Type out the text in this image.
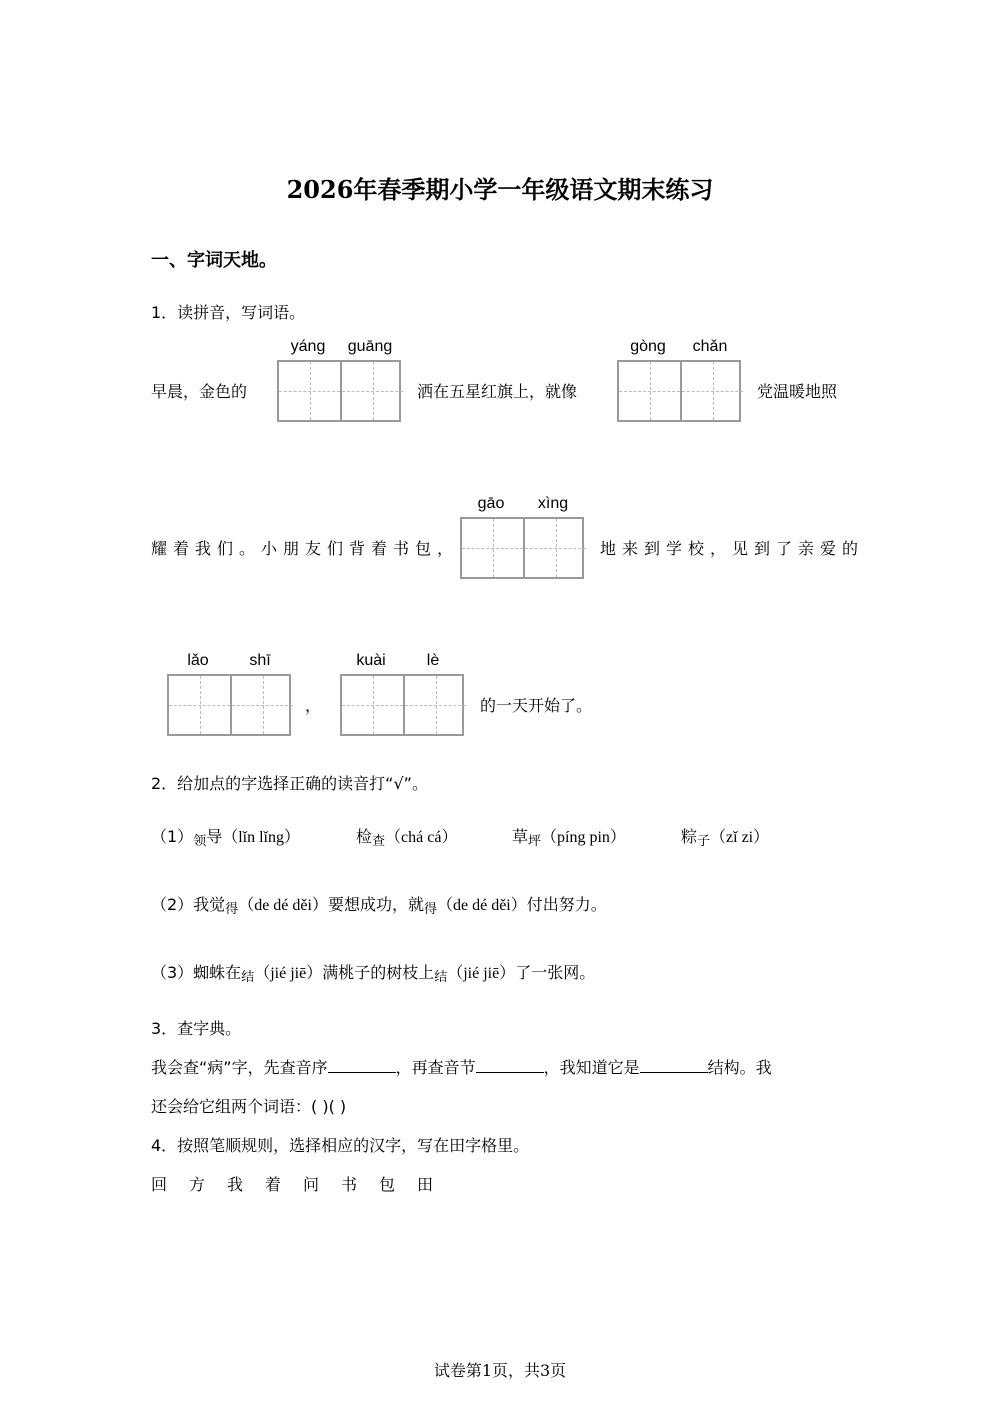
2026年春季期小学一年级语文期末练习
一、字词天地。
1．读拼音，写词语。
早晨，金色的
yáng	guāng
洒在五星红旗上，就像
gòng	chǎn
党温暖地照
耀着我们。小朋友们背着书包，
gāo	xìng
地来到学校，见到了亲爱的
lǎo	shī
，
kuài	lè
的一天开始了。
2．给加点的字选择正确的读音打“√”。
（1）领导（lǐn lǐng）	检查（chá cá）	草坪（píng pin）	粽子（zǐ zi）
（2）我觉得（de dé děi）要想成功，就得（de dé děi）付出努力。
（3）蜘蛛在结（jié jiē）满桃子的树枝上结（jié jiē）了一张网。
3．查字典。
我会查“病”字，先查音序	，再查音节	，我知道它是	结构。我
还会给它组两个词语：( )( )
4．按照笔顺规则，选择相应的汉字，写在田字格里。
回 方 我 着 问 书 包 田
试卷第1页，共3页
